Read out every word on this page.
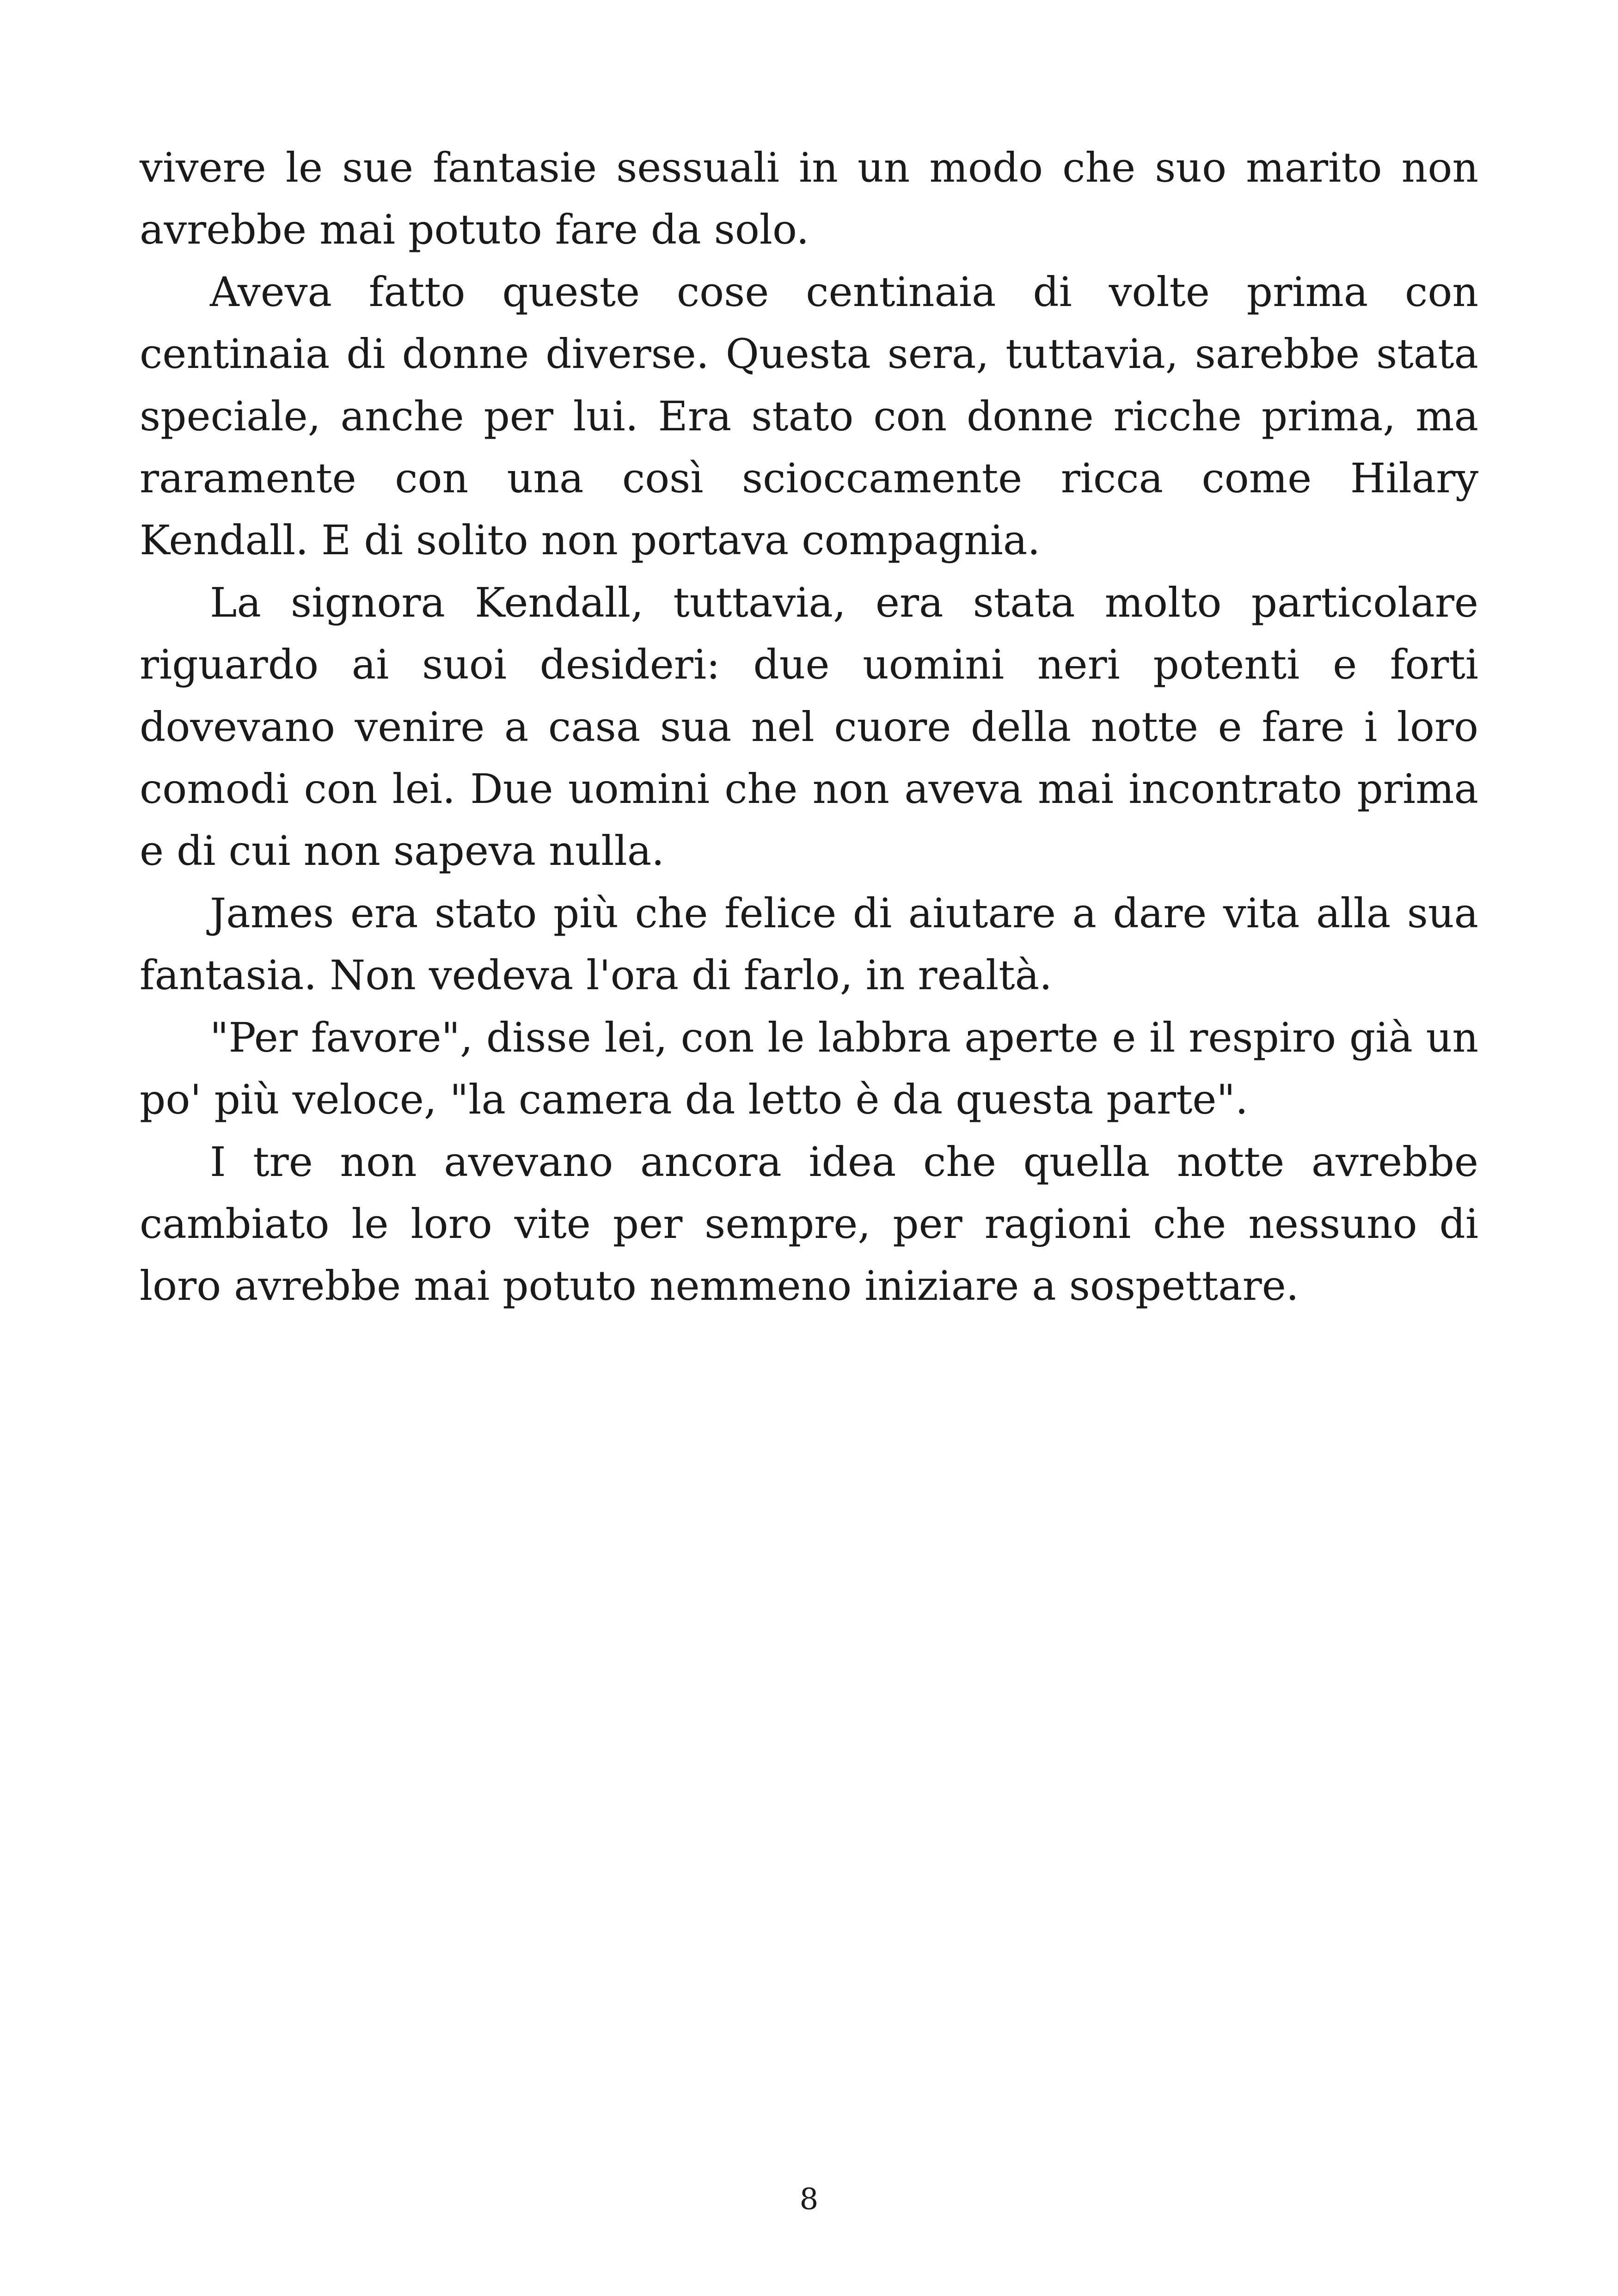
vivere le sue fantasie sessuali in un modo che suo marito non avrebbe mai potuto fare da solo.

Aveva fatto queste cose centinaia di volte prima con centinaia di donne diverse. Questa sera, tuttavia, sarebbe stata speciale, anche per lui. Era stato con donne ricche prima, ma raramente con una così scioccamente ricca come Hilary Kendall. E di solito non portava compagnia.

La signora Kendall, tuttavia, era stata molto particolare riguardo ai suoi desideri: due uomini neri potenti e forti dovevano venire a casa sua nel cuore della notte e fare i loro comodi con lei. Due uomini che non aveva mai incontrato prima e di cui non sapeva nulla.

James era stato più che felice di aiutare a dare vita alla sua fantasia. Non vedeva l'ora di farlo, in realtà.

"Per favore", disse lei, con le labbra aperte e il respiro già un po' più veloce, "la camera da letto è da questa parte".

I tre non avevano ancora idea che quella notte avrebbe cambiato le loro vite per sempre, per ragioni che nessuno di loro avrebbe mai potuto nemmeno iniziare a sospettare.

8
